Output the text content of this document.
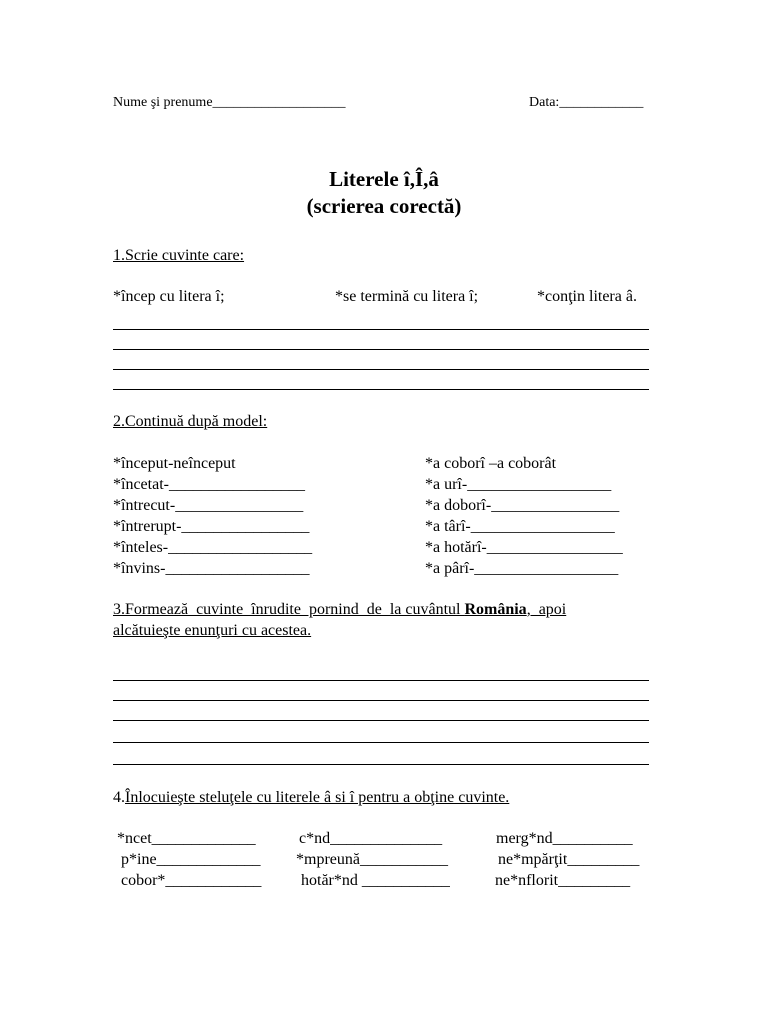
Nume şi prenume___________________	Data:____________
Literele î,Î,â
(scrierea corectă)
1.Scrie cuvinte care:
*încep cu litera î;	*se termină cu litera î;	*conţin litera â.
2.Continuă după model:
*început-neînceput
*încetat-_________________
*întrecut-________________
*întrerupt-________________
*înteles-__________________
*învins-__________________
*a coborî –a coborât
*a urî-__________________
*a doborî-________________
*a târî-__________________
*a hotărî-_________________
*a pârî-__________________
3.Formează  cuvinte  înrudite  pornind  de  la cuvântul România,  apoi
alcătuieşte enunţuri cu acestea.
4.Înlocuieşte steluţele cu literele â si î pentru a obţine cuvinte.
*ncet_____________	c*nd______________	merg*nd__________
p*ine_____________ *mpreună___________	ne*mpărţit_________
cobor*____________ hotăr*nd ___________	ne*nflorit_________
